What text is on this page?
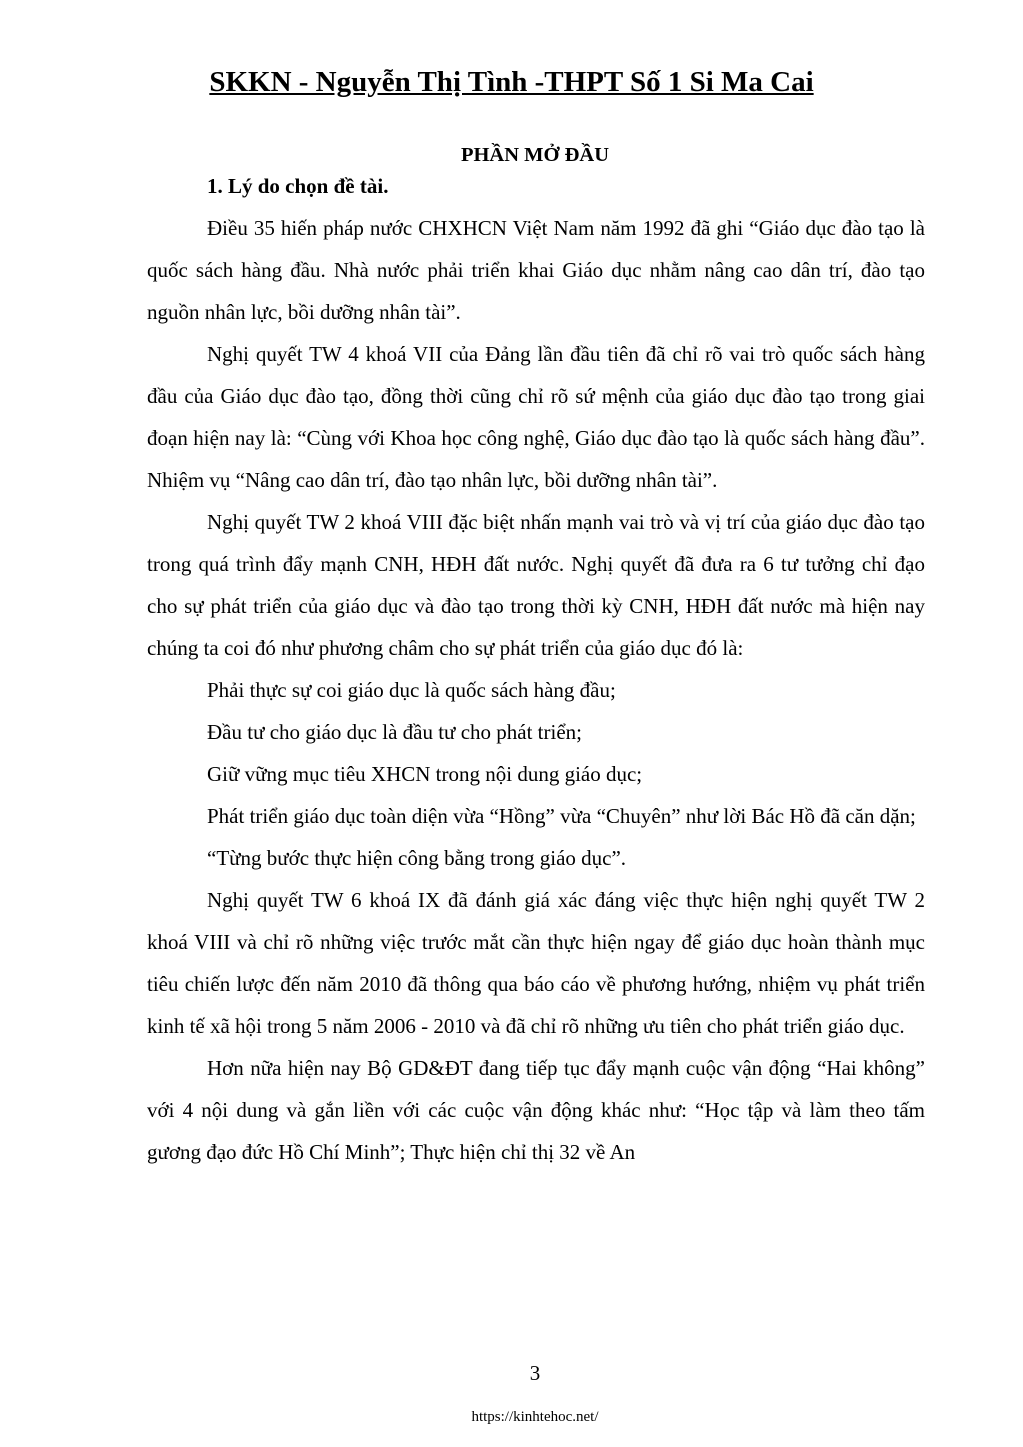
SKKN - Nguyễn Thị Tình -THPT Số 1 Si Ma Cai
PHẦN MỞ ĐẦU

1. Lý do chọn đề tài.

Điều 35 hiến pháp nước CHXHCN Việt Nam năm 1992 đã ghi “Giáo dục đào tạo là quốc sách hàng đầu. Nhà nước phải triển khai Giáo dục nhằm nâng cao dân trí, đào tạo nguồn nhân lực, bồi dưỡng nhân tài”.

Nghị quyết TW 4 khoá VII của Đảng lần đầu tiên đã chỉ rõ vai trò quốc sách hàng đầu của Giáo dục đào tạo, đồng thời cũng chỉ rõ sứ mệnh của giáo dục đào tạo trong giai đoạn hiện nay là: “Cùng với Khoa học công nghệ, Giáo dục đào tạo là quốc sách hàng đầu”. Nhiệm vụ “Nâng cao dân trí, đào tạo nhân lực, bồi dưỡng nhân tài”.

Nghị quyết TW 2 khoá VIII đặc biệt nhấn mạnh vai trò và vị trí của giáo dục đào tạo trong quá trình đẩy mạnh CNH, HĐH đất nước. Nghị quyết đã đưa ra 6 tư tưởng chỉ đạo cho sự phát triển của giáo dục và đào tạo trong thời kỳ CNH, HĐH đất nước mà hiện nay chúng ta coi đó như phương châm cho sự phát triển của giáo dục đó là:

Phải thực sự coi giáo dục là quốc sách hàng đầu;

Đầu tư cho giáo dục là đầu tư cho phát triển;

Giữ vững mục tiêu XHCN trong nội dung giáo dục;

Phát triển giáo dục toàn diện vừa “Hồng” vừa “Chuyên” như lời Bác Hồ đã căn dặn;

“Từng bước thực hiện công bằng trong giáo dục”.

Nghị quyết TW 6 khoá IX đã đánh giá xác đáng việc thực hiện nghị quyết TW 2 khoá VIII và chỉ rõ những việc trước mắt cần thực hiện ngay để giáo dục hoàn thành mục tiêu chiến lược đến năm 2010 đã thông qua báo cáo về phương hướng, nhiệm vụ phát triển kinh tế xã hội trong 5 năm 2006 - 2010 và đã chỉ rõ những ưu tiên cho phát triển giáo dục.

Hơn nữa hiện nay Bộ GD&ĐT đang tiếp tục đẩy mạnh cuộc vận động “Hai không” với 4 nội dung và gắn liền với các cuộc vận động khác như: “Học tập và làm theo tấm gương đạo đức Hồ Chí Minh”; Thực hiện chỉ thị 32 về An

3
https://kinhtehoc.net/
